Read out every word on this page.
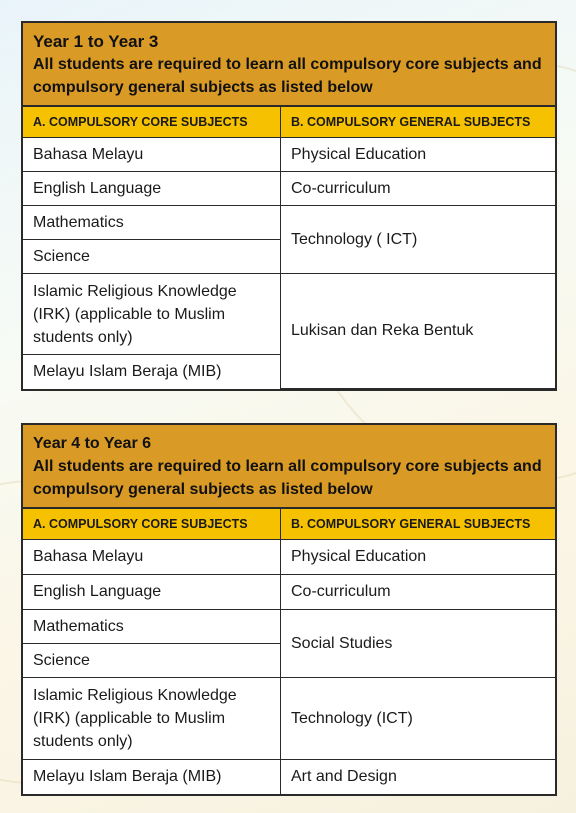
Year 1 to Year 3
All students are required to learn all compulsory core subjects and compulsory general subjects as listed below
A. COMPULSORY CORE SUBJECTS	B. COMPULSORY GENERAL SUBJECTS
Bahasa Melayu	Physical Education
English Language	Co-curriculum
Mathematics	Technology ( ICT)
Science	
Islamic Religious Knowledge (IRK) (applicable to Muslim students only)	Lukisan dan Reka Bentuk
Melayu Islam Beraja (MIB)	
Year 4 to Year 6
All students are required to learn all compulsory core subjects and compulsory general subjects as listed below
A. COMPULSORY CORE SUBJECTS	B. COMPULSORY GENERAL SUBJECTS
Bahasa Melayu	Physical Education
English Language	Co-curriculum
Mathematics	Social Studies
Science	
Islamic Religious Knowledge (IRK) (applicable to Muslim students only)	Technology (ICT)
Melayu Islam Beraja (MIB)	Art and Design
